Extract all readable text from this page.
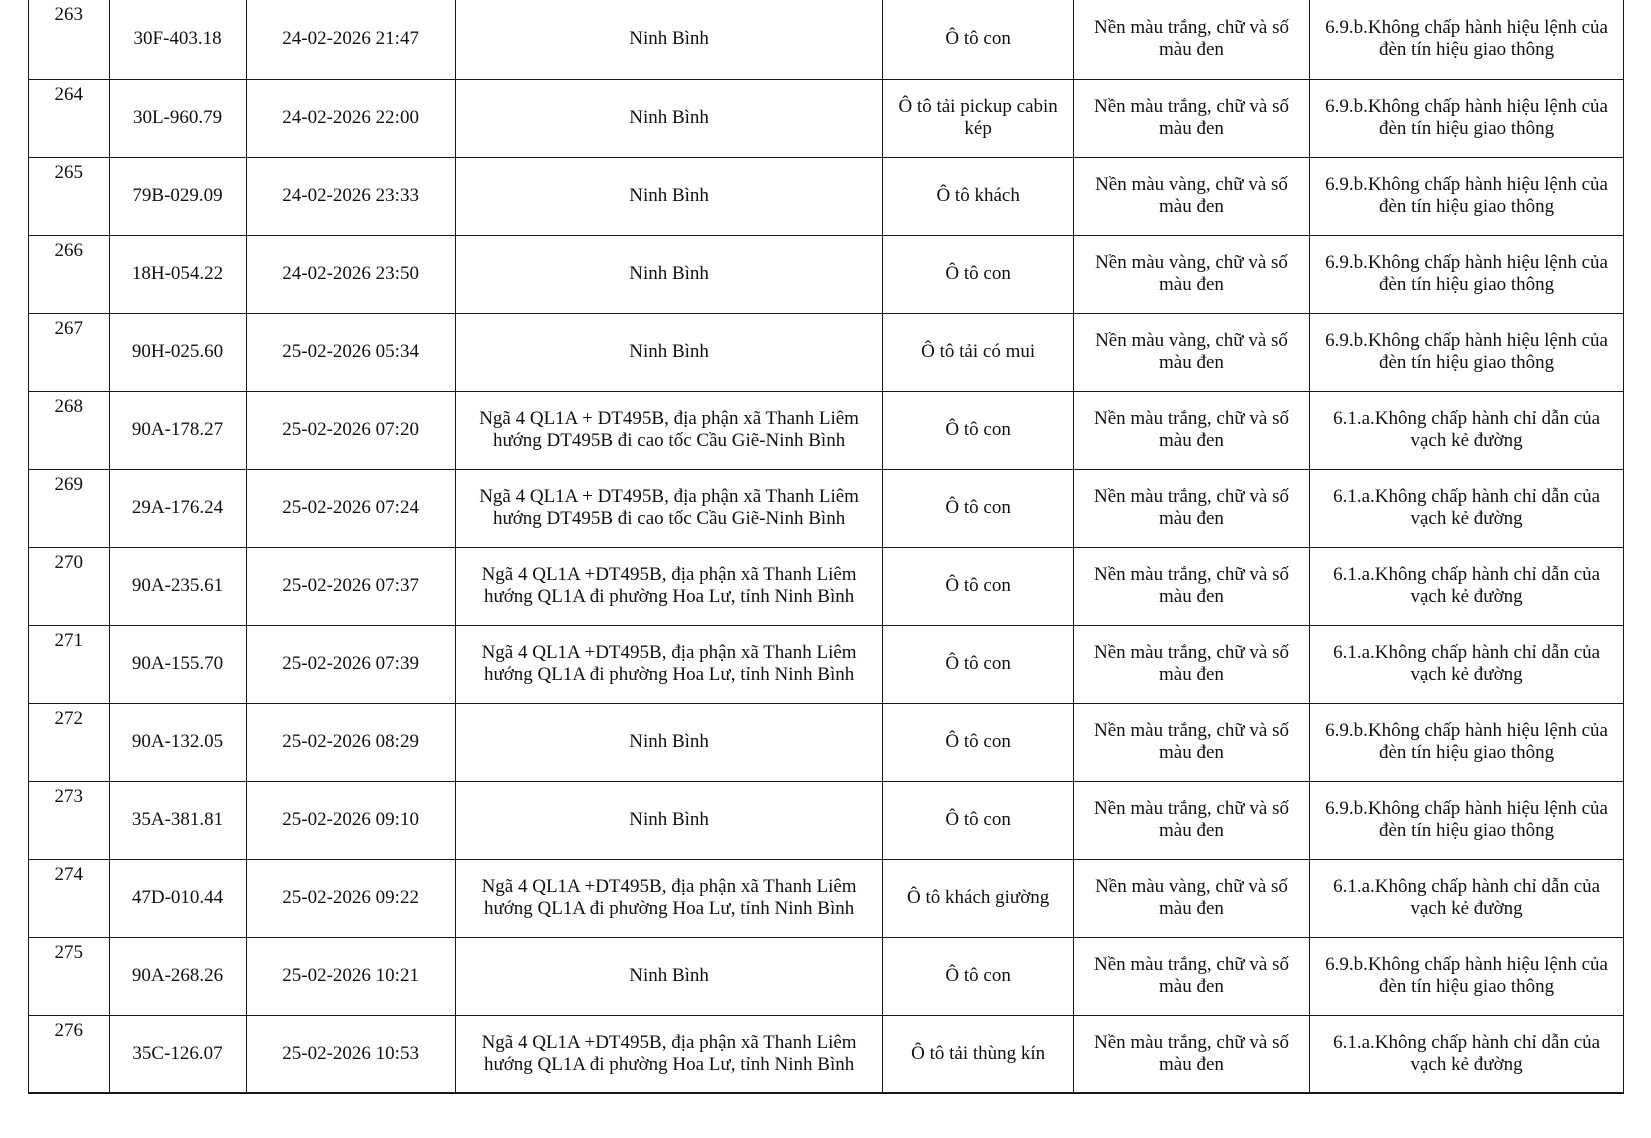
263	30F-403.18	24-02-2026 21:47	Ninh Bình	Ô tô con	Nền màu trắng, chữ và số màu đen	6.9.b.Không chấp hành hiệu lệnh của đèn tín hiệu giao thông

264	30L-960.79	24-02-2026 22:00	Ninh Bình	Ô tô tải pickup cabin kép	Nền màu trắng, chữ và số màu đen	6.9.b.Không chấp hành hiệu lệnh của đèn tín hiệu giao thông

265	79B-029.09	24-02-2026 23:33	Ninh Bình	Ô tô khách	Nền màu vàng, chữ và số màu đen	6.9.b.Không chấp hành hiệu lệnh của đèn tín hiệu giao thông

266	18H-054.22	24-02-2026 23:50	Ninh Bình	Ô tô con	Nền màu vàng, chữ và số màu đen	6.9.b.Không chấp hành hiệu lệnh của đèn tín hiệu giao thông

267	90H-025.60	25-02-2026 05:34	Ninh Bình	Ô tô tải có mui	Nền màu vàng, chữ và số màu đen	6.9.b.Không chấp hành hiệu lệnh của đèn tín hiệu giao thông

268	90A-178.27	25-02-2026 07:20	Ngã 4 QL1A + DT495B, địa phận xã Thanh Liêm hướng DT495B đi cao tốc Cầu Giẽ-Ninh Bình	Ô tô con	Nền màu trắng, chữ và số màu đen	6.1.a.Không chấp hành chỉ dẫn của vạch kẻ đường

269	29A-176.24	25-02-2026 07:24	Ngã 4 QL1A + DT495B, địa phận xã Thanh Liêm hướng DT495B đi cao tốc Cầu Giẽ-Ninh Bình	Ô tô con	Nền màu trắng, chữ và số màu đen	6.1.a.Không chấp hành chỉ dẫn của vạch kẻ đường

270	90A-235.61	25-02-2026 07:37	Ngã 4 QL1A +DT495B, địa phận xã Thanh Liêm hướng QL1A đi phường Hoa Lư, tỉnh Ninh Bình	Ô tô con	Nền màu trắng, chữ và số màu đen	6.1.a.Không chấp hành chỉ dẫn của vạch kẻ đường

271	90A-155.70	25-02-2026 07:39	Ngã 4 QL1A +DT495B, địa phận xã Thanh Liêm hướng QL1A đi phường Hoa Lư, tỉnh Ninh Bình	Ô tô con	Nền màu trắng, chữ và số màu đen	6.1.a.Không chấp hành chỉ dẫn của vạch kẻ đường

272	90A-132.05	25-02-2026 08:29	Ninh Bình	Ô tô con	Nền màu trắng, chữ và số màu đen	6.9.b.Không chấp hành hiệu lệnh của đèn tín hiệu giao thông

273	35A-381.81	25-02-2026 09:10	Ninh Bình	Ô tô con	Nền màu trắng, chữ và số màu đen	6.9.b.Không chấp hành hiệu lệnh của đèn tín hiệu giao thông

274	47D-010.44	25-02-2026 09:22	Ngã 4 QL1A +DT495B, địa phận xã Thanh Liêm hướng QL1A đi phường Hoa Lư, tỉnh Ninh Bình	Ô tô khách giường	Nền màu vàng, chữ và số màu đen	6.1.a.Không chấp hành chỉ dẫn của vạch kẻ đường

275	90A-268.26	25-02-2026 10:21	Ninh Bình	Ô tô con	Nền màu trắng, chữ và số màu đen	6.9.b.Không chấp hành hiệu lệnh của đèn tín hiệu giao thông

276	35C-126.07	25-02-2026 10:53	Ngã 4 QL1A +DT495B, địa phận xã Thanh Liêm hướng QL1A đi phường Hoa Lư, tỉnh Ninh Bình	Ô tô tải thùng kín	Nền màu trắng, chữ và số màu đen	6.1.a.Không chấp hành chỉ dẫn của vạch kẻ đường
